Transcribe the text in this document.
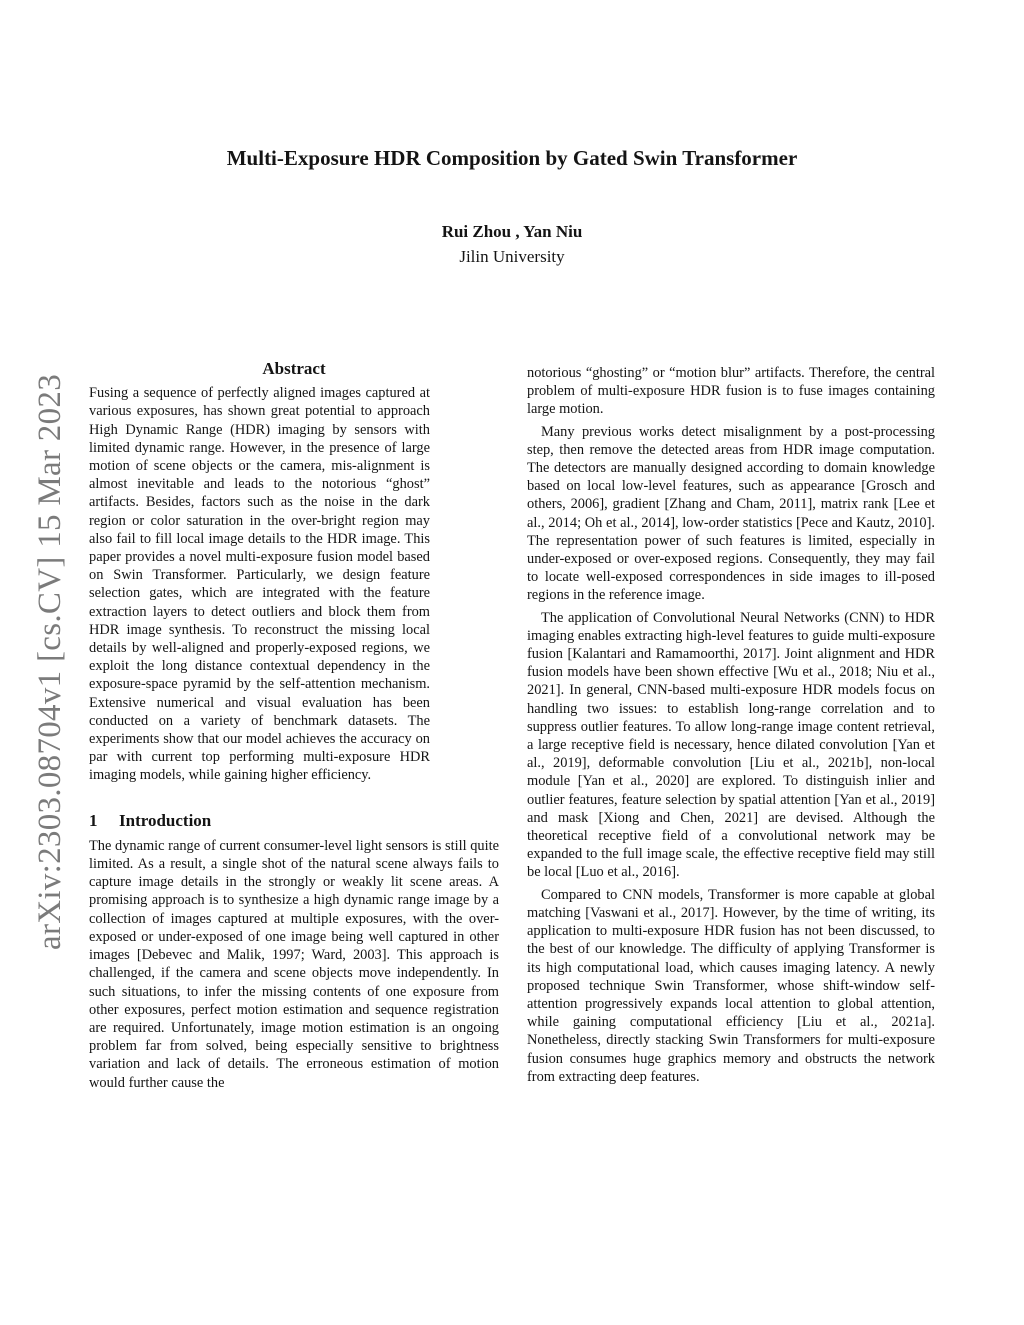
arXiv:2303.08704v1 [cs.CV] 15 Mar 2023
Multi-Exposure HDR Composition by Gated Swin Transformer
Rui Zhou , Yan Niu
Jilin University
Abstract

Fusing a sequence of perfectly aligned images captured at various exposures, has shown great potential to approach High Dynamic Range (HDR) imaging by sensors with limited dynamic range. However, in the presence of large motion of scene objects or the camera, mis-alignment is almost inevitable and leads to the notorious “ghost” artifacts. Besides, factors such as the noise in the dark region or color saturation in the over-bright region may also fail to fill local image details to the HDR image. This paper provides a novel multi-exposure fusion model based on Swin Transformer. Particularly, we design feature selection gates, which are integrated with the feature extraction layers to detect outliers and block them from HDR image synthesis. To reconstruct the missing local details by well-aligned and properly-exposed regions, we exploit the long distance contextual dependency in the exposure-space pyramid by the self-attention mechanism. Extensive numerical and visual evaluation has been conducted on a variety of benchmark datasets. The experiments show that our model achieves the accuracy on par with current top performing multi-exposure HDR imaging models, while gaining higher efficiency.

1 Introduction

The dynamic range of current consumer-level light sensors is still quite limited. As a result, a single shot of the natural scene always fails to capture image details in the strongly or weakly lit scene areas. A promising approach is to synthesize a high dynamic range image by a collection of images captured at multiple exposures, with the over-exposed or under-exposed of one image being well captured in other images [Debevec and Malik, 1997; Ward, 2003]. This approach is challenged, if the camera and scene objects move independently. In such situations, to infer the missing contents of one exposure from other exposures, perfect motion estimation and sequence registration are required. Unfortunately, image motion estimation is an ongoing problem far from solved, being especially sensitive to brightness variation and lack of details. The erroneous estimation of motion would further cause the

notorious “ghosting” or “motion blur” artifacts. Therefore, the central problem of multi-exposure HDR fusion is to fuse images containing large motion.

Many previous works detect misalignment by a post-processing step, then remove the detected areas from HDR image computation. The detectors are manually designed according to domain knowledge based on local low-level features, such as appearance [Grosch and others, 2006], gradient [Zhang and Cham, 2011], matrix rank [Lee et al., 2014; Oh et al., 2014], low-order statistics [Pece and Kautz, 2010]. The representation power of such features is limited, especially in under-exposed or over-exposed regions. Consequently, they may fail to locate well-exposed correspondences in side images to ill-posed regions in the reference image.

The application of Convolutional Neural Networks (CNN) to HDR imaging enables extracting high-level features to guide multi-exposure fusion [Kalantari and Ramamoorthi, 2017]. Joint alignment and HDR fusion models have been shown effective [Wu et al., 2018; Niu et al., 2021]. In general, CNN-based multi-exposure HDR models focus on handling two issues: to establish long-range correlation and to suppress outlier features. To allow long-range image content retrieval, a large receptive field is necessary, hence dilated convolution [Yan et al., 2019], deformable convolution [Liu et al., 2021b], non-local module [Yan et al., 2020] are explored. To distinguish inlier and outlier features, feature selection by spatial attention [Yan et al., 2019] and mask [Xiong and Chen, 2021] are devised. Although the theoretical receptive field of a convolutional network may be expanded to the full image scale, the effective receptive field may still be local [Luo et al., 2016].

Compared to CNN models, Transformer is more capable at global matching [Vaswani et al., 2017]. However, by the time of writing, its application to multi-exposure HDR fusion has not been discussed, to the best of our knowledge. The difficulty of applying Transformer is its high computational load, which causes imaging latency. A newly proposed technique Swin Transformer, whose shift-window self-attention progressively expands local attention to global attention, while gaining computational efficiency [Liu et al., 2021a]. Nonetheless, directly stacking Swin Transformers for multi-exposure fusion consumes huge graphics memory and obstructs the network from extracting deep features.
